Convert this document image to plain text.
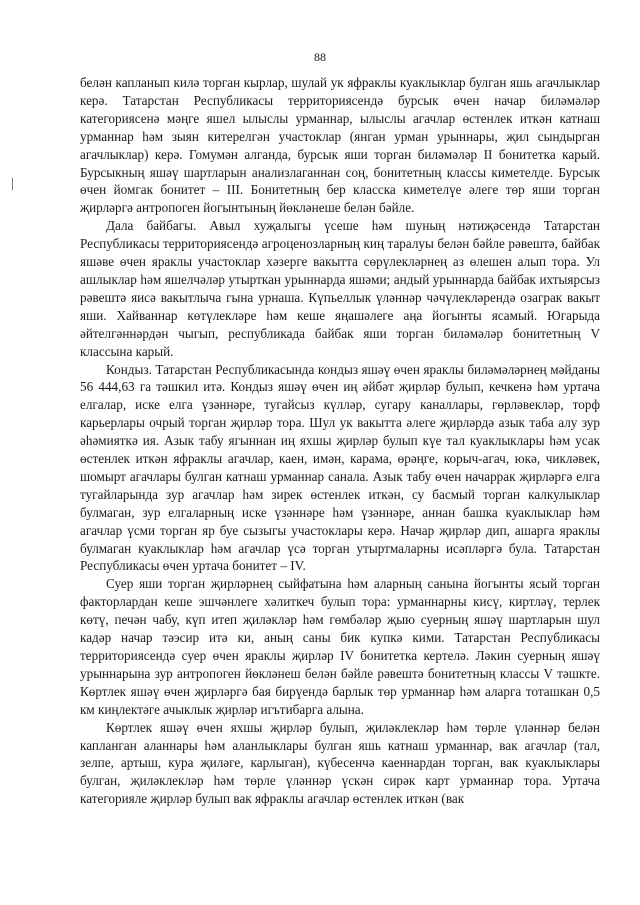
88

белән капланып килә торган кырлар, шулай ук яфраклы куаклыклар булган яшь агачлыклар керә. Татарстан Республикасы территориясендә бурсык өчен начар биләмәләр категориясенә мәңге яшел ылыслы урманнар, ылыслы агачлар өстенлек иткән катнаш урманнар һәм зыян китерелгән участоклар (янган урман урыннары, җил сындырган агачлыклар) керә. Гомумән алганда, бурсык яши торган биләмәләр II бонитетка карый. Бурсыкның яшәү шартларын анализлаганнан соң, бонитетның классы киметелде. Бурсык өчен йомгак бонитет – III. Бонитетның бер класска киметелүе әлеге төр яши торган җирләргә антропоген йогынтының йөкләнеше белән бәйле.

Дала байбагы. Авыл хуҗалыгы үсеше һәм шуның нәтиҗәсендә Татарстан Республикасы территориясендә агроценозларның киң таралуы белән бәйле рәвештә, байбак яшәве өчен яраклы участоклар хәзерге вакытта сөрүлекләрнең аз өлешен алып тора. Ул ашлыклар һәм яшелчәләр утырткан урыннарда яшәми; андый урыннарда байбак ихтыярсыз рәвештә яисә вакытлыча гына урнаша. Күпьеллык үләннәр чәчүлекләрендә озаграк вакыт яши. Хайваннар көтүлекләре һәм кеше яңашәлеге аңа йогынты ясамый. Югарыда әйтелгәннәрдән чыгып, республикада байбак яши торган биләмәләр бонитетның V классына карый.

Кондыз. Татарстан Республикасында кондыз яшәү өчен яраклы биләмәләрнең мәйданы 56 444,63 га тәшкил итә. Кондыз яшәү өчен иң әйбәт җирләр булып, кечкенә һәм уртача елгалар, иске елга үзәннәре, тугайсыз күлләр, сугару каналлары, гөрләвекләр, торф карьерлары очрый торган җирләр тора. Шул ук вакытта әлеге җирләрдә азык таба алу зур әһәмияткә ия. Азык табу ягыннан иң яхшы җирләр булып күе тал куаклыклары һәм усак өстенлек иткән яфраклы агачлар, каен, имән, карама, өрәңге, корыч-агач, юкә, чикләвек, шомырт агачлары булган катнаш урманнар санала. Азык табу өчен начаррак җирләргә елга тугайларында зур агачлар һәм зирек өстенлек иткән, су басмый торган калкулыклар булмаган, зур елгаларның иске үзәннәре һәм үзәннәре, аннан башка куаклыклар һәм агачлар үсми торган яр буе сызыгы участоклары керә. Начар җирләр дип, ашарга яраклы булмаган куаклыклар һәм агачлар үсә торган утыртмаларны исәпләргә була. Татарстан Республикасы өчен уртача бонитет – IV.

Суер яши торган җирләрнең сыйфатына һәм аларның санына йогынты ясый торган факторлардан кеше эшчәнлеге хәлиткеч булып тора: урманнарны кисү, киртләү, терлек көтү, печән чабу, күп итеп җиләкләр һәм гөмбәләр җыю суерның яшәү шартларын шул кадәр начар тәэсир итә ки, аның саны бик купкә кими. Татарстан Республикасы территориясендә суер өчен яраклы җирләр IV бонитетка кертелә. Ләкин суерның яшәү урыннарына зур антропоген йөкләнеш белән бәйле рәвештә бонитетның классы V тәшкте. Көртлек яшәү өчен җирләргә бая бирүендә барлык төр урманнар һәм аларга тоташкан 0,5 км киңлектәге ачыклык җирләр игътибарга алына.

Көртлек яшәү өчен яхшы җирләр булып, җиләклекләр һәм төрле үләннәр белән капланган аланнары һәм аланлыклары булган яшь катнаш урманнар, вак агачлар (тал, зелпе, артыш, кура җиләге, карлыган), күбесенчә каеннардан торган, вак куаклыклары булган, җиләклекләр һәм төрле үләннәр үскән сирәк карт урманнар тора. Уртача категорияле җирләр булып вак яфраклы агачлар өстенлек иткән (вак
